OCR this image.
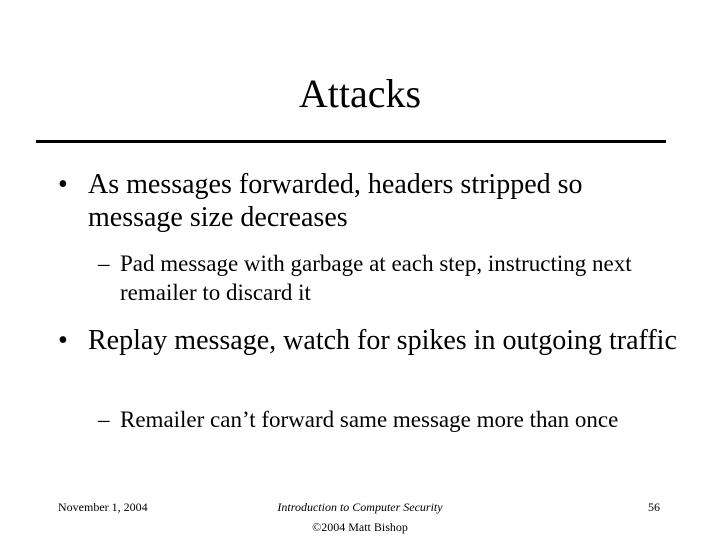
Attacks
• As messages forwarded, headers stripped so message size decreases
– Pad message with garbage at each step, instructing next remailer to discard it
• Replay message, watch for spikes in outgoing traffic
– Remailer can’t forward same message more than once
November 1, 2004	Introduction to Computer Security
©2004 Matt Bishop
56
